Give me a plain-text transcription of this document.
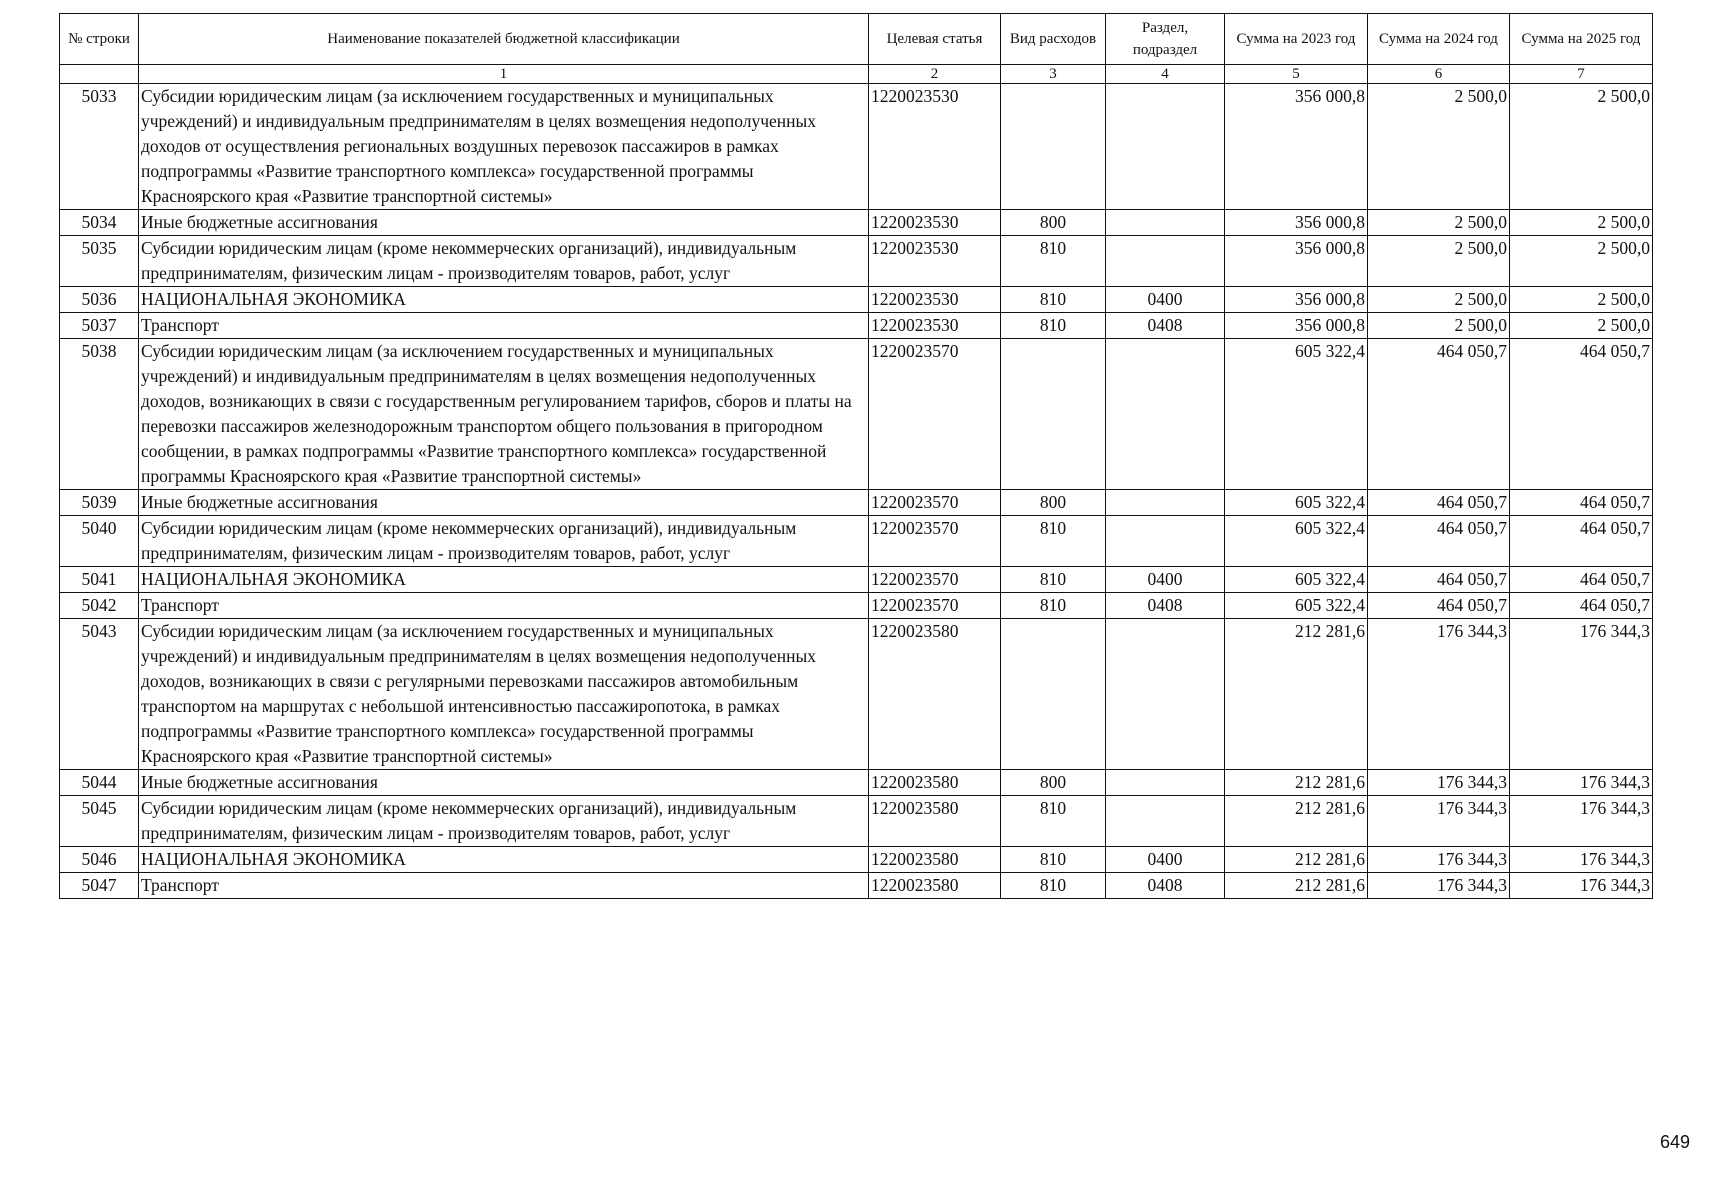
№ строки	Наименование показателей бюджетной классификации	Целевая статья	Вид расходов	Раздел, подраздел	Сумма на 2023 год	Сумма на 2024 год	Сумма на 2025 год
	1	2	3	4	5	6	7
5033	Субсидии юридическим лицам (за исключением государственных и муниципальных учреждений) и индивидуальным предпринимателям в целях возмещения недополученных доходов от осуществления региональных воздушных перевозок пассажиров в рамках подпрограммы «Развитие транспортного комплекса» государственной программы Красноярского края «Развитие транспортной системы»	1220023530			356 000,8	2 500,0	2 500,0
5034	Иные бюджетные ассигнования	1220023530	800		356 000,8	2 500,0	2 500,0
5035	Субсидии юридическим лицам (кроме некоммерческих организаций), индивидуальным предпринимателям, физическим лицам - производителям товаров, работ, услуг	1220023530	810		356 000,8	2 500,0	2 500,0
5036	НАЦИОНАЛЬНАЯ ЭКОНОМИКА	1220023530	810	0400	356 000,8	2 500,0	2 500,0
5037	Транспорт	1220023530	810	0408	356 000,8	2 500,0	2 500,0
5038	Субсидии юридическим лицам (за исключением государственных и муниципальных учреждений) и индивидуальным предпринимателям в целях возмещения недополученных доходов, возникающих в связи с государственным регулированием тарифов, сборов и платы на перевозки пассажиров железнодорожным транспортом общего пользования в пригородном сообщении, в рамках подпрограммы «Развитие транспортного комплекса» государственной программы Красноярского края «Развитие транспортной системы»	1220023570			605 322,4	464 050,7	464 050,7
5039	Иные бюджетные ассигнования	1220023570	800		605 322,4	464 050,7	464 050,7
5040	Субсидии юридическим лицам (кроме некоммерческих организаций), индивидуальным предпринимателям, физическим лицам - производителям товаров, работ, услуг	1220023570	810		605 322,4	464 050,7	464 050,7
5041	НАЦИОНАЛЬНАЯ ЭКОНОМИКА	1220023570	810	0400	605 322,4	464 050,7	464 050,7
5042	Транспорт	1220023570	810	0408	605 322,4	464 050,7	464 050,7
5043	Субсидии юридическим лицам (за исключением государственных и муниципальных учреждений) и индивидуальным предпринимателям в целях возмещения недополученных доходов, возникающих в связи с регулярными перевозками пассажиров автомобильным транспортом на маршрутах с небольшой интенсивностью пассажиропотока, в рамках подпрограммы «Развитие транспортного комплекса» государственной программы Красноярского края «Развитие транспортной системы»	1220023580			212 281,6	176 344,3	176 344,3
5044	Иные бюджетные ассигнования	1220023580	800		212 281,6	176 344,3	176 344,3
5045	Субсидии юридическим лицам (кроме некоммерческих организаций), индивидуальным предпринимателям, физическим лицам - производителям товаров, работ, услуг	1220023580	810		212 281,6	176 344,3	176 344,3
5046	НАЦИОНАЛЬНАЯ ЭКОНОМИКА	1220023580	810	0400	212 281,6	176 344,3	176 344,3
5047	Транспорт	1220023580	810	0408	212 281,6	176 344,3	176 344,3
649
